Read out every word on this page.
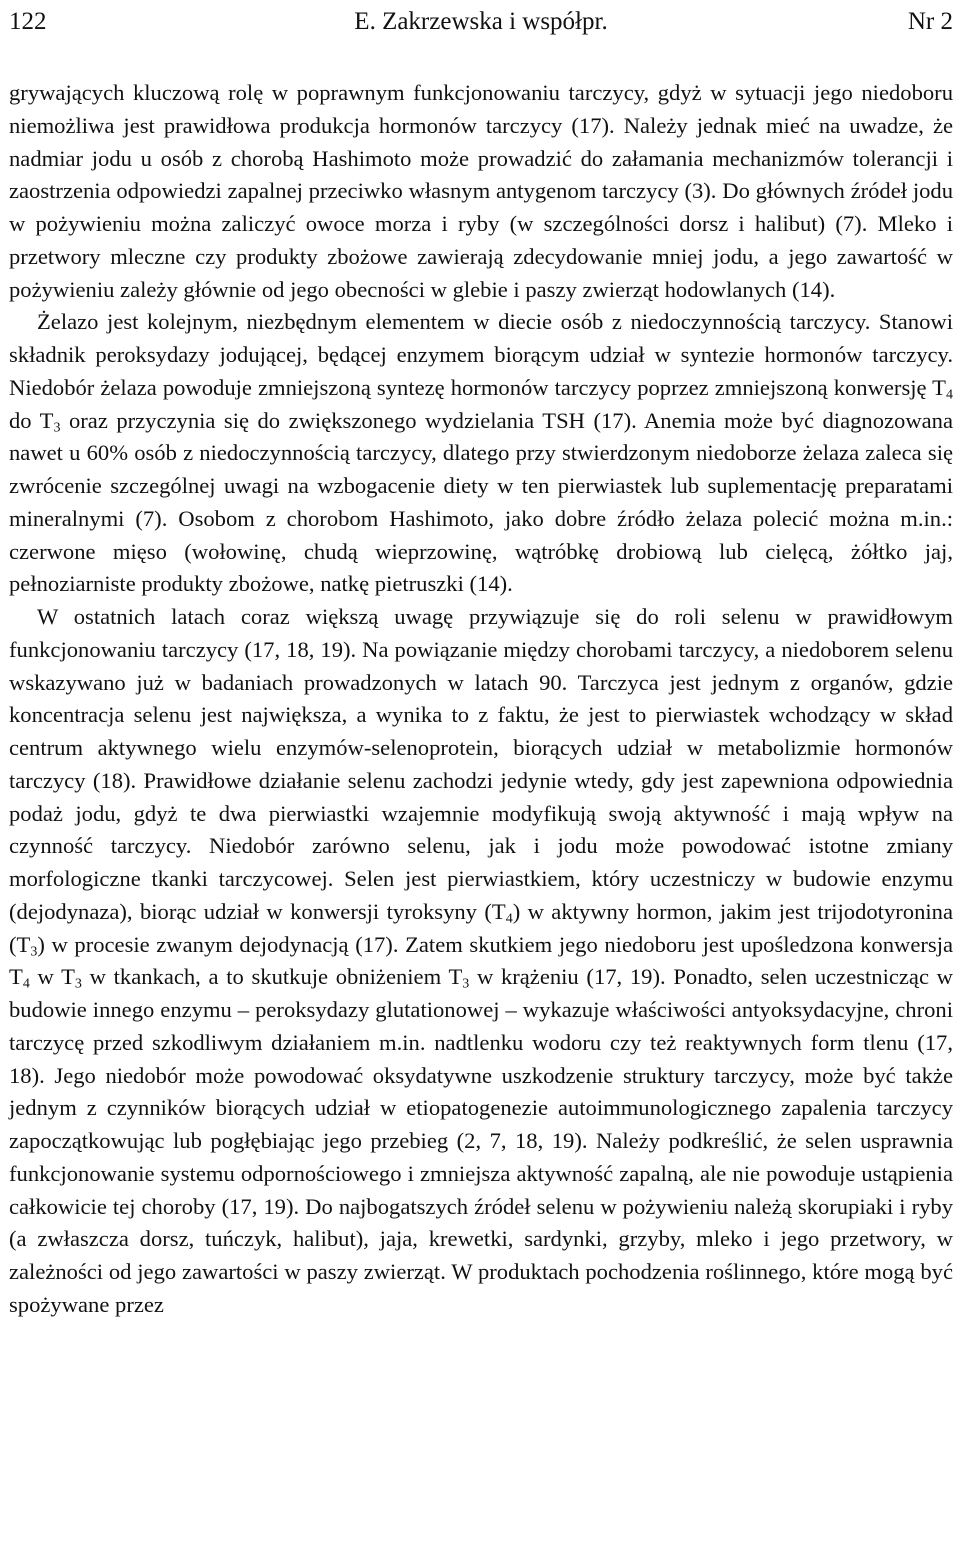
122	E. Zakrzewska i współpr.	Nr 2

grywających kluczową rolę w poprawnym funkcjonowaniu tarczycy, gdyż w sytuacji jego niedoboru niemożliwa jest prawidłowa produkcja hormonów tarczycy (17). Należy jednak mieć na uwadze, że nadmiar jodu u osób z chorobą Hashimoto może prowadzić do załamania mechanizmów tolerancji i zaostrzenia odpowiedzi zapalnej przeciwko własnym antygenom tarczycy (3). Do głównych źródeł jodu w pożywieniu można zaliczyć owoce morza i ryby (w szczególności dorsz i halibut) (7). Mleko i przetwory mleczne czy produkty zbożowe zawierają zdecydowanie mniej jodu, a jego zawartość w pożywieniu zależy głównie od jego obecności w glebie i paszy zwierząt hodowlanych (14).

Żelazo jest kolejnym, niezbędnym elementem w diecie osób z niedoczynnością tarczycy. Stanowi składnik peroksydazy jodującej, będącej enzymem biorącym udział w syntezie hormonów tarczycy. Niedobór żelaza powoduje zmniejszoną syntezę hormonów tarczycy poprzez zmniejszoną konwersję $T_4$ do $T_3$ oraz przyczynia się do zwiększonego wydzielania TSH (17). Anemia może być diagnozowana nawet u 60% osób z niedoczynnością tarczycy, dlatego przy stwierdzonym niedoborze żelaza zaleca się zwrócenie szczególnej uwagi na wzbogacenie diety w ten pierwiastek lub suplementację preparatami mineralnymi (7). Osobom z chorobom Hashimoto, jako dobre źródło żelaza polecić można m.in.: czerwone mięso (wołowinę, chudą wieprzowinę, wątróbkę drobiową lub cielęcą, żółtko jaj, pełnoziarniste produkty zbożowe, natkę pietruszki (14).

W ostatnich latach coraz większą uwagę przywiązuje się do roli selenu w prawidłowym funkcjonowaniu tarczycy (17, 18, 19). Na powiązanie między chorobami tarczycy, a niedoborem selenu wskazywano już w badaniach prowadzonych w latach 90. Tarczyca jest jednym z organów, gdzie koncentracja selenu jest największa, a wynika to z faktu, że jest to pierwiastek wchodzący w skład centrum aktywnego wielu enzymów-selenoprotein, biorących udział w metabolizmie hormonów tarczycy (18). Prawidłowe działanie selenu zachodzi jedynie wtedy, gdy jest zapewniona odpowiednia podaż jodu, gdyż te dwa pierwiastki wzajemnie modyfikują swoją aktywność i mają wpływ na czynność tarczycy. Niedobór zarówno selenu, jak i jodu może powodować istotne zmiany morfologiczne tkanki tarczycowej. Selen jest pierwiastkiem, który uczestniczy w budowie enzymu (dejodynaza), biorąc udział w konwersji tyroksyny $(T_4)$ w aktywny hormon, jakim jest trijodotyronina $(T_3)$ w procesie zwanym dejodynacją (17). Zatem skutkiem jego niedoboru jest upośledzona konwersja $T_4$ w $T_3$ w tkankach, a to skutkuje obniżeniem $T_3$ w krążeniu (17, 19). Ponadto, selen uczestnicząc w budowie innego enzymu – peroksydazy glutationowej – wykazuje właściwości antyoksydacyjne, chroni tarczycę przed szkodliwym działaniem m.in. nadtlenku wodoru czy też reaktywnych form tlenu (17, 18). Jego niedobór może powodować oksydatywne uszkodzenie struktury tarczycy, może być także jednym z czynników biorących udział w etiopatogenezie autoimmunologicznego zapalenia tarczycy zapoczątkowując lub pogłębiając jego przebieg (2, 7, 18, 19). Należy podkreślić, że selen usprawnia funkcjonowanie systemu odpornościowego i zmniejsza aktywność zapalną, ale nie powoduje ustąpienia całkowicie tej choroby (17, 19). Do najbogatszych źródeł selenu w pożywieniu należą skorupiaki i ryby (a zwłaszcza dorsz, tuńczyk, halibut), jaja, krewetki, sardynki, grzyby, mleko i jego przetwory, w zależności od jego zawartości w paszy zwierząt. W produktach pochodzenia roślinnego, które mogą być spożywane przez
